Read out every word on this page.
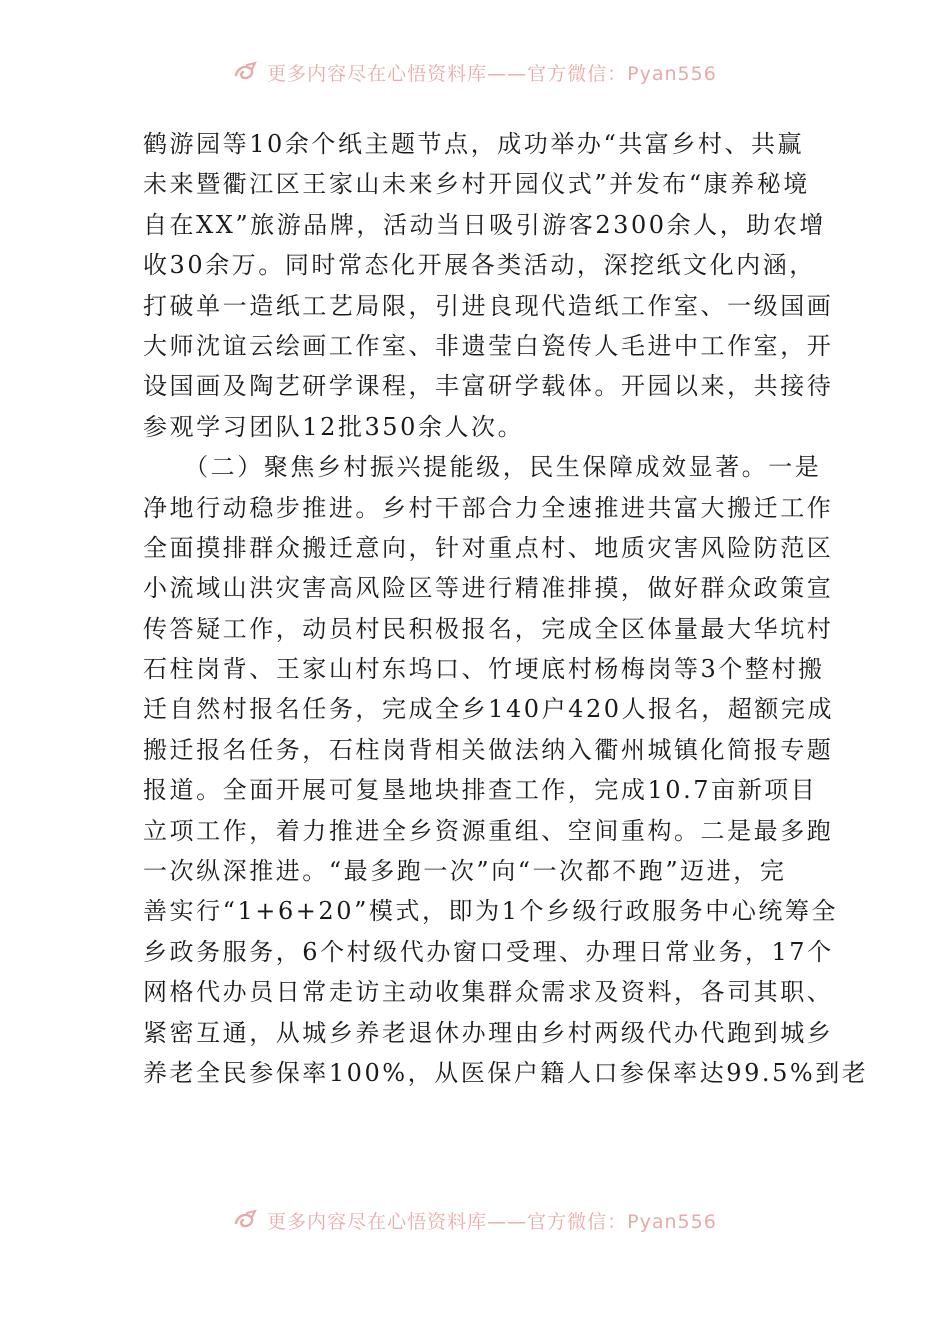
更多内容尽在心悟资料库——官方微信：Pyan556
鹤游园等10余个纸主题节点，成功举办“共富乡村、共赢
未来暨衢江区王家山未来乡村开园仪式”并发布“康养秘境
自在XX”旅游品牌，活动当日吸引游客2300余人，助农增
收30余万。同时常态化开展各类活动，深挖纸文化内涵，
打破单一造纸工艺局限，引进良现代造纸工作室、一级国画
大师沈谊云绘画工作室、非遗莹白瓷传人毛进中工作室，开
设国画及陶艺研学课程，丰富研学载体。开园以来，共接待
参观学习团队12批350余人次。
　　（二）聚焦乡村振兴提能级，民生保障成效显著。一是
净地行动稳步推进。乡村干部合力全速推进共富大搬迁工作
全面摸排群众搬迁意向，针对重点村、地质灾害风险防范区
小流域山洪灾害高风险区等进行精准排摸，做好群众政策宣
传答疑工作，动员村民积极报名，完成全区体量最大华坑村
石柱岗背、王家山村东坞口、竹埂底村杨梅岗等3个整村搬
迁自然村报名任务，完成全乡140户420人报名，超额完成
搬迁报名任务，石柱岗背相关做法纳入衢州城镇化简报专题
报道。全面开展可复垦地块排查工作，完成10.7亩新项目
立项工作，着力推进全乡资源重组、空间重构。二是最多跑
一次纵深推进。“最多跑一次”向“一次都不跑”迈进，完
善实行“1+6+20”模式，即为1个乡级行政服务中心统筹全
乡政务服务，6个村级代办窗口受理、办理日常业务，17个
网格代办员日常走访主动收集群众需求及资料，各司其职、
紧密互通，从城乡养老退休办理由乡村两级代办代跑到城乡
养老全民参保率100%，从医保户籍人口参保率达99.5%到老
更多内容尽在心悟资料库——官方微信：Pyan556
